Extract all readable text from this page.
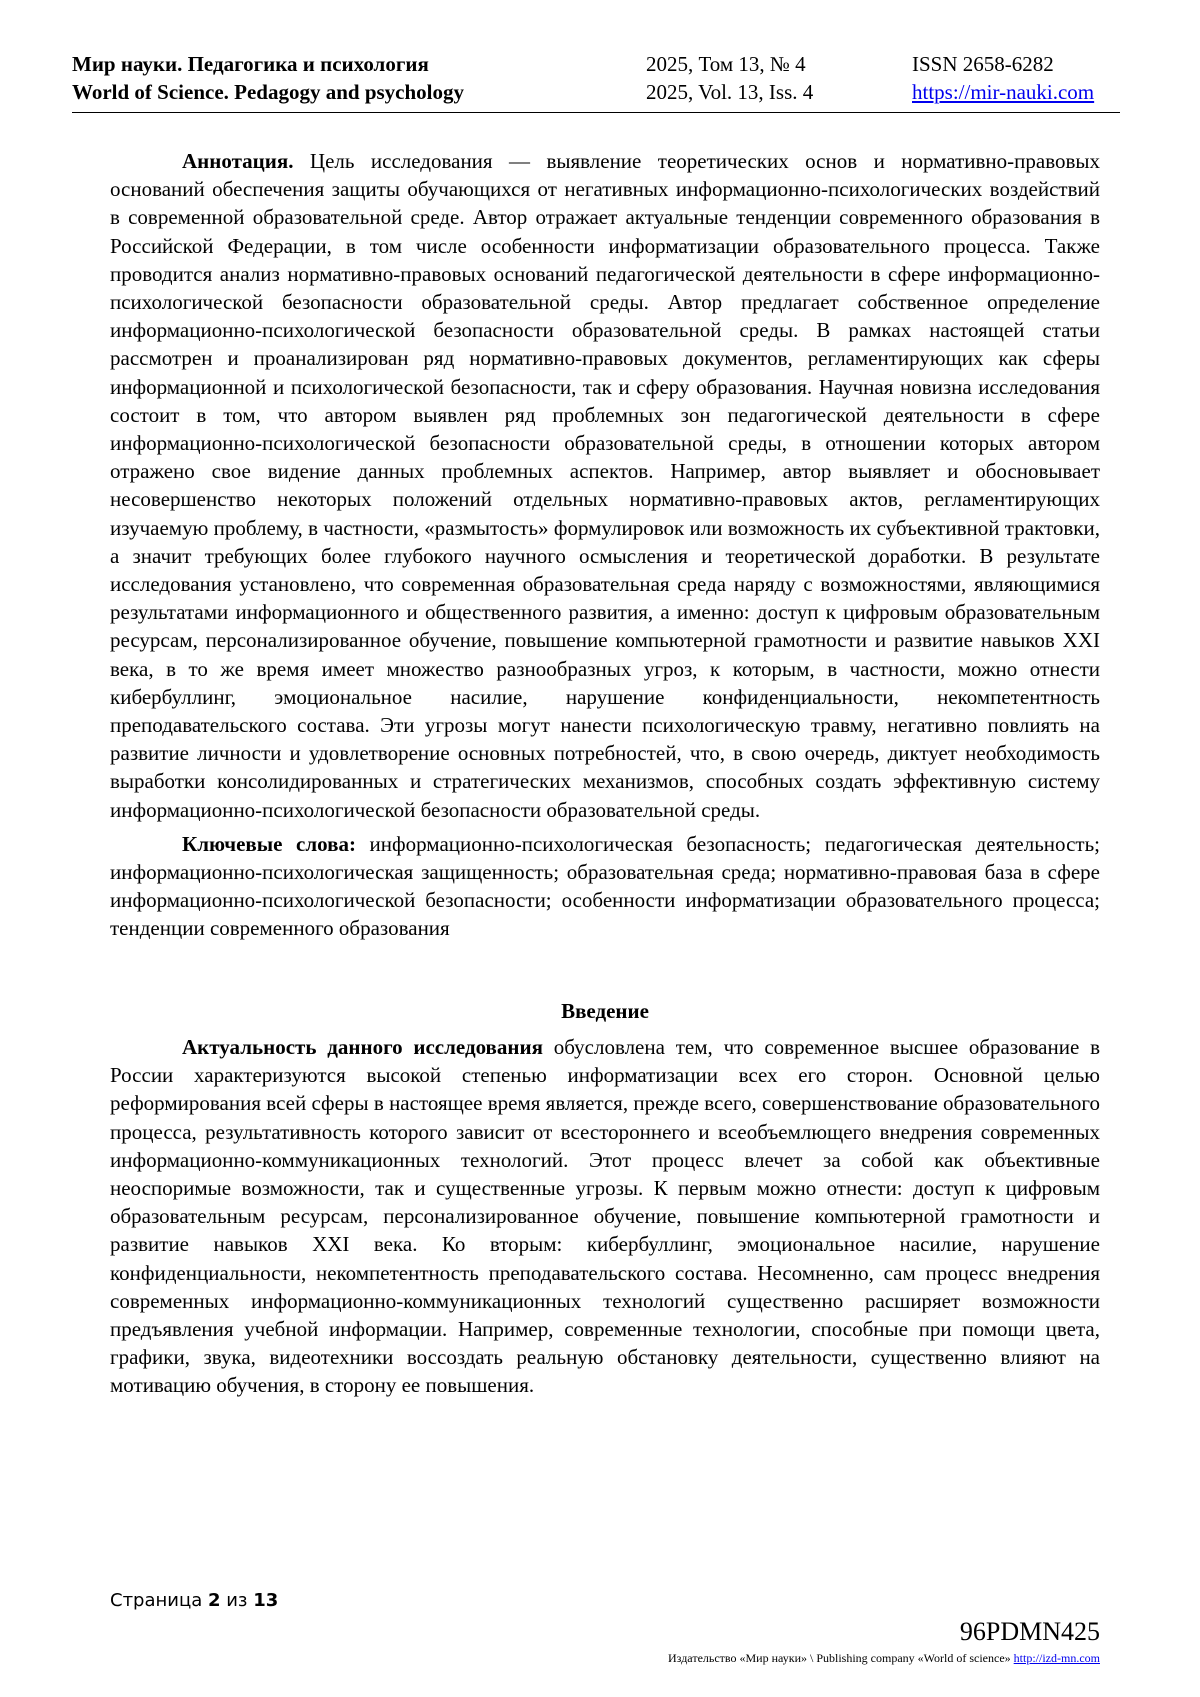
Мир науки. Педагогика и психология	2025, Том 13, № 4	ISSN 2658-6282
World of Science. Pedagogy and psychology	2025, Vol. 13, Iss. 4	https://mir-nauki.com

Аннотация. Цель исследования — выявление теоретических основ и нормативно-правовых оснований обеспечения защиты обучающихся от негативных информационно-психологических воздействий в современной образовательной среде. Автор отражает актуальные тенденции современного образования в Российской Федерации, в том числе особенности информатизации образовательного процесса. Также проводится анализ нормативно-правовых оснований педагогической деятельности в сфере информационно-психологической безопасности образовательной среды. Автор предлагает собственное определение информационно-психологической безопасности образовательной среды. В рамках настоящей статьи рассмотрен и проанализирован ряд нормативно-правовых документов, регламентирующих как сферы информационной и психологической безопасности, так и сферу образования. Научная новизна исследования состоит в том, что автором выявлен ряд проблемных зон педагогической деятельности в сфере информационно-психологической безопасности образовательной среды, в отношении которых автором отражено свое видение данных проблемных аспектов. Например, автор выявляет и обосновывает несовершенство некоторых положений отдельных нормативно-правовых актов, регламентирующих изучаемую проблему, в частности, «размытость» формулировок или возможность их субъективной трактовки, а значит требующих более глубокого научного осмысления и теоретической доработки. В результате исследования установлено, что современная образовательная среда наряду с возможностями, являющимися результатами информационного и общественного развития, а именно: доступ к цифровым образовательным ресурсам, персонализированное обучение, повышение компьютерной грамотности и развитие навыков XXI века, в то же время имеет множество разнообразных угроз, к которым, в частности, можно отнести кибербуллинг, эмоциональное насилие, нарушение конфиденциальности, некомпетентность преподавательского состава. Эти угрозы могут нанести психологическую травму, негативно повлиять на развитие личности и удовлетворение основных потребностей, что, в свою очередь, диктует необходимость выработки консолидированных и стратегических механизмов, способных создать эффективную систему информационно-психологической безопасности образовательной среды.

Ключевые слова: информационно-психологическая безопасность; педагогическая деятельность; информационно-психологическая защищенность; образовательная среда; нормативно-правовая база в сфере информационно-психологической безопасности; особенности информатизации образовательного процесса; тенденции современного образования

Введение

Актуальность данного исследования обусловлена тем, что современное высшее образование в России характеризуются высокой степенью информатизации всех его сторон. Основной целью реформирования всей сферы в настоящее время является, прежде всего, совершенствование образовательного процесса, результативность которого зависит от всестороннего и всеобъемлющего внедрения современных информационно-коммуникационных технологий. Этот процесс влечет за собой как объективные неоспоримые возможности, так и существенные угрозы. К первым можно отнести: доступ к цифровым образовательным ресурсам, персонализированное обучение, повышение компьютерной грамотности и развитие навыков XXI века. Ко вторым: кибербуллинг, эмоциональное насилие, нарушение конфиденциальности, некомпетентность преподавательского состава. Несомненно, сам процесс внедрения современных информационно-коммуникационных технологий существенно расширяет возможности предъявления учебной информации. Например, современные технологии, способные при помощи цвета, графики, звука, видеотехники воссоздать реальную обстановку деятельности, существенно влияют на мотивацию обучения, в сторону ее повышения.

Страница 2 из 13
96PDMN425
Издательство «Мир науки» \ Publishing company «World of science» http://izd-mn.com
